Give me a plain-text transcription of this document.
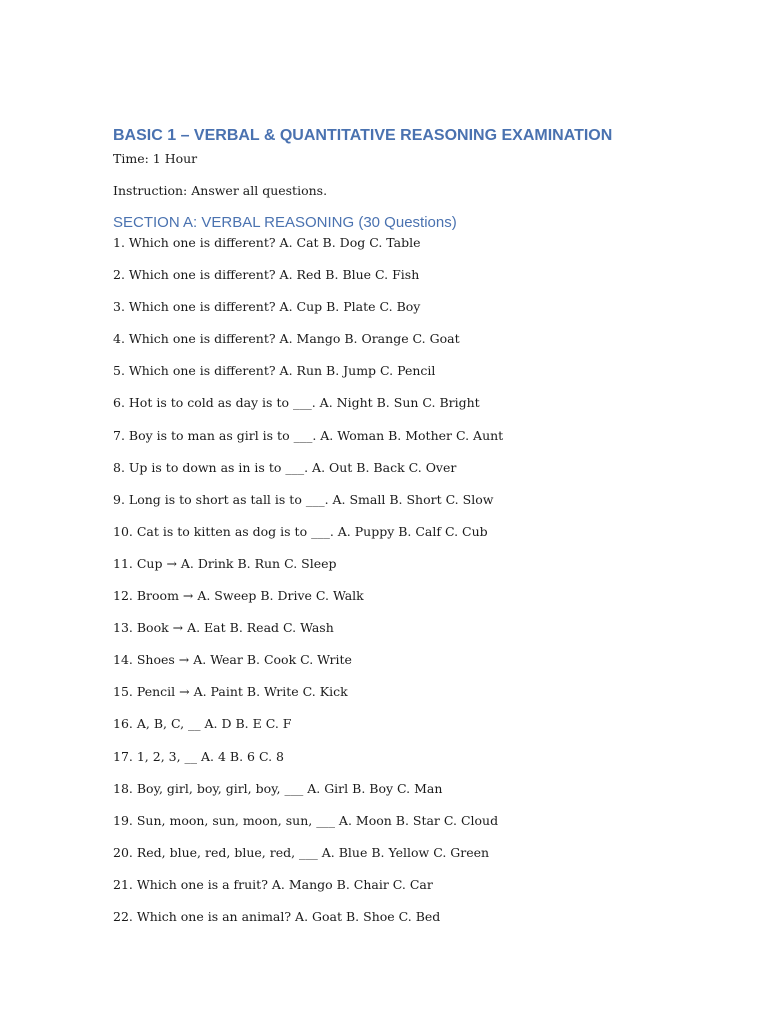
BASIC 1 – VERBAL & QUANTITATIVE REASONING EXAMINATION

Time: 1 Hour

Instruction: Answer all questions.

SECTION A: VERBAL REASONING (30 Questions)
1. Which one is different? A. Cat B. Dog C. Table
2. Which one is different? A. Red B. Blue C. Fish
3. Which one is different? A. Cup B. Plate C. Boy
4. Which one is different? A. Mango B. Orange C. Goat
5. Which one is different? A. Run B. Jump C. Pencil
6. Hot is to cold as day is to ___. A. Night B. Sun C. Bright
7. Boy is to man as girl is to ___. A. Woman B. Mother C. Aunt
8. Up is to down as in is to ___. A. Out B. Back C. Over
9. Long is to short as tall is to ___. A. Small B. Short C. Slow
10. Cat is to kitten as dog is to ___. A. Puppy B. Calf C. Cub
11. Cup → A. Drink B. Run C. Sleep
12. Broom → A. Sweep B. Drive C. Walk
13. Book → A. Eat B. Read C. Wash
14. Shoes → A. Wear B. Cook C. Write
15. Pencil → A. Paint B. Write C. Kick
16. A, B, C, __ A. D B. E C. F
17. 1, 2, 3, __ A. 4 B. 6 C. 8
18. Boy, girl, boy, girl, boy, ___ A. Girl B. Boy C. Man
19. Sun, moon, sun, moon, sun, ___ A. Moon B. Star C. Cloud
20. Red, blue, red, blue, red, ___ A. Blue B. Yellow C. Green
21. Which one is a fruit? A. Mango B. Chair C. Car
22. Which one is an animal? A. Goat B. Shoe C. Bed
